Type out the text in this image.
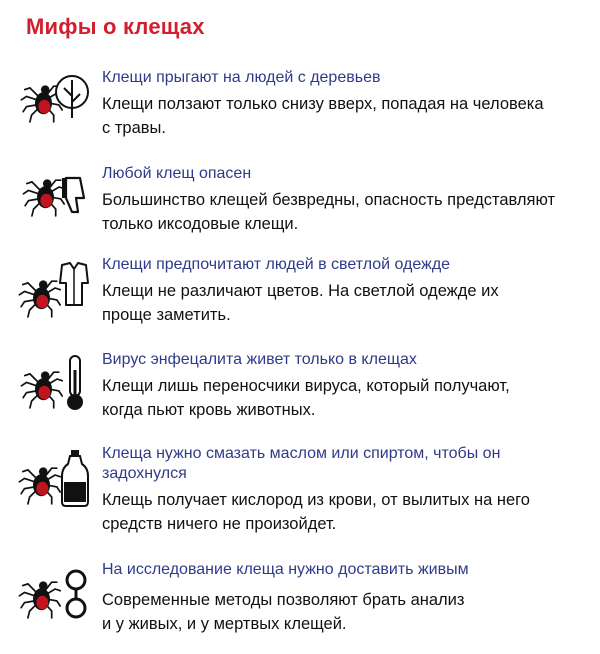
Мифы о клещах
Клещи прыгают на людей с деревьев
Клещи ползают только снизу вверх, попадая на человека
с травы.
Любой клещ опасен
Большинство клещей безвредны, опасность представляют
только иксодовые клещи.
Клещи предпочитают людей в светлой одежде
Клещи не различают цветов. На светлой одежде их
проще заметить.
Вирус энфецалита живет только в клещах
Клещи лишь переносчики вируса, который получают,
когда пьют кровь животных.
Клеща нужно смазать маслом или спиртом, чтобы он
задохнулся
Клещь получает кислород из крови, от вылитых на него
средств ничего не произойдет.
На исследование клеща нужно доставить живым
Современные методы позволяют брать анализ
и у живых, и у мертвых клещей.
